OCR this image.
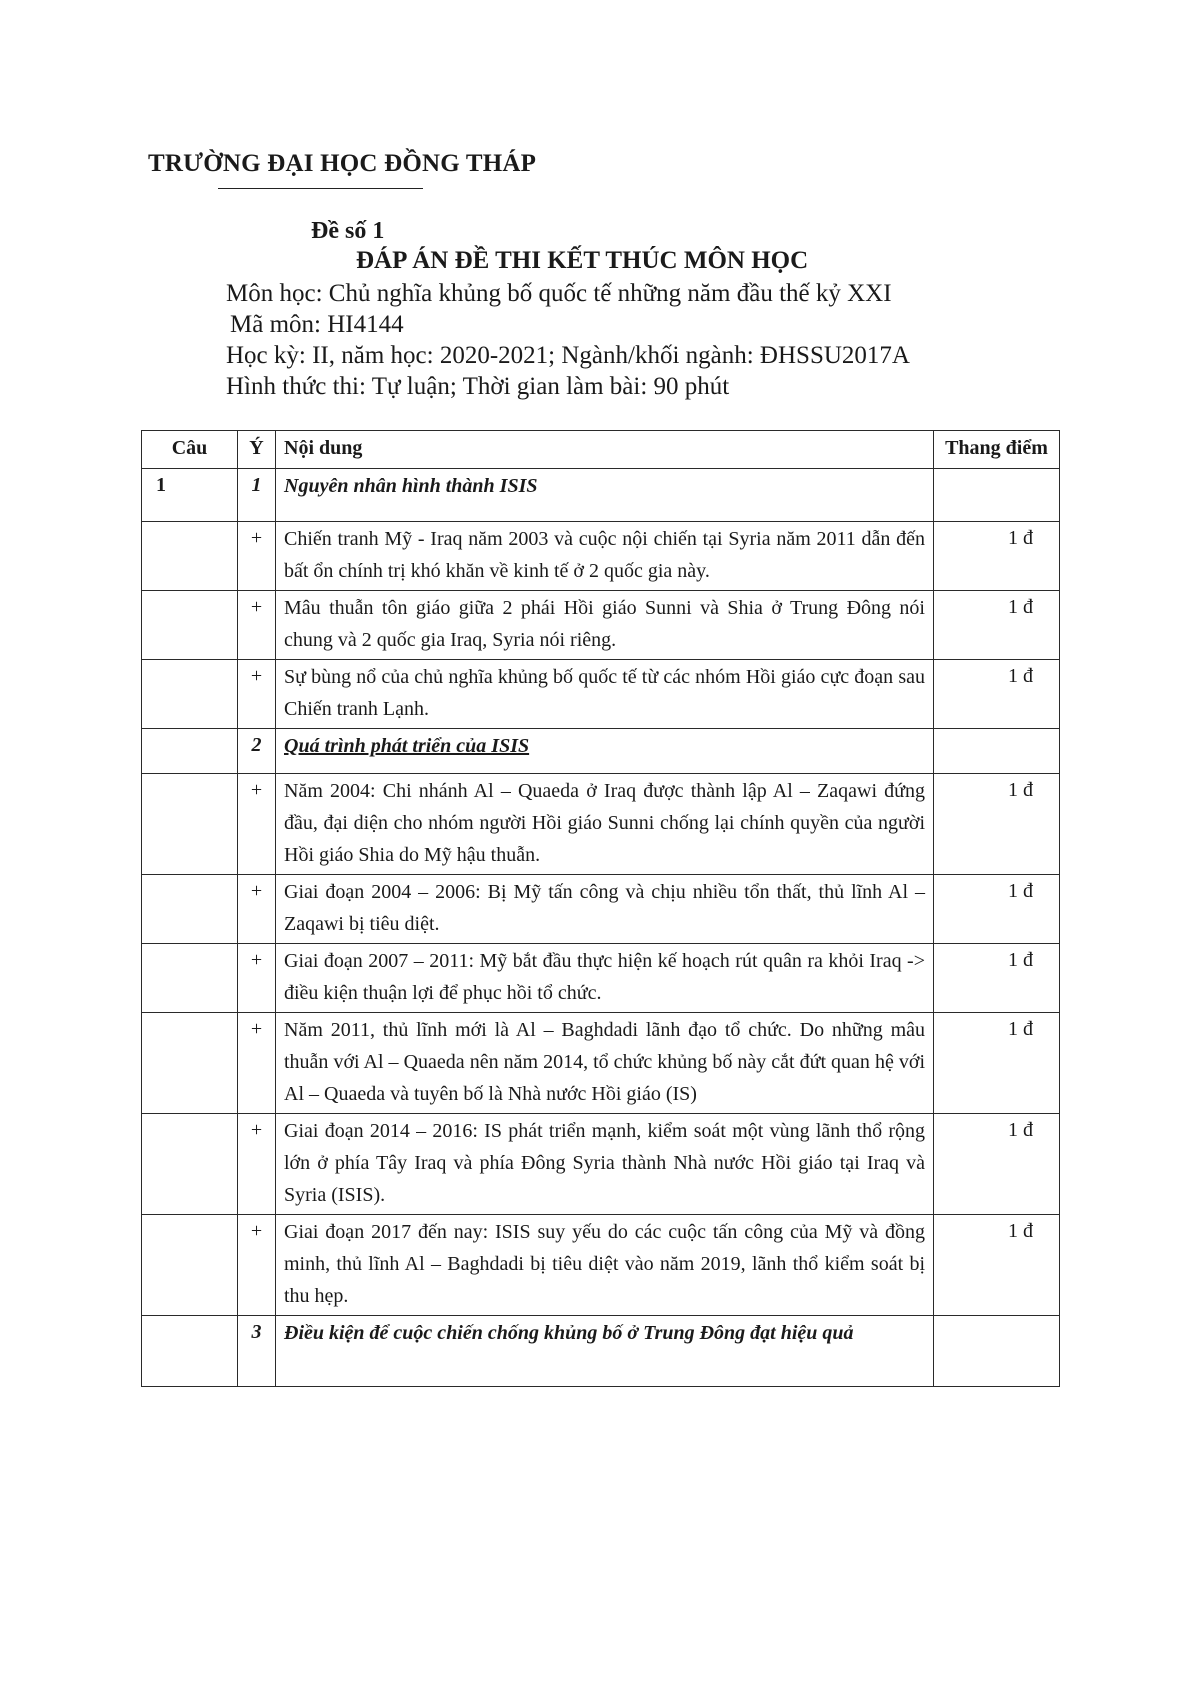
TRƯỜNG ĐẠI HỌC ĐỒNG THÁP
Đề số 1
ĐÁP ÁN ĐỀ THI KẾT THÚC MÔN HỌC
Môn học: Chủ nghĩa khủng bố quốc tế những năm đầu thế kỷ XXI
Mã môn: HI4144
Học kỳ: II, năm học: 2020-2021; Ngành/khối ngành: ĐHSSU2017A
Hình thức thi: Tự luận; Thời gian làm bài: 90 phút
Câu	Ý	Nội dung	Thang điểm
1	1	Nguyên nhân hình thành ISIS	
	+	Chiến tranh Mỹ - Iraq năm 2003 và cuộc nội chiến tại Syria năm 2011 dẫn đến bất ổn chính trị khó khăn về kinh tế ở 2 quốc gia này.	1 đ
	+	Mâu thuẫn tôn giáo giữa 2 phái Hồi giáo Sunni và Shia ở Trung Đông nói chung và 2 quốc gia Iraq, Syria nói riêng.	1 đ
	+	Sự bùng nổ của chủ nghĩa khủng bố quốc tế từ các nhóm Hồi giáo cực đoạn sau Chiến tranh Lạnh.	1 đ
	2	Quá trình phát triển của ISIS	
	+	Năm 2004: Chi nhánh Al – Quaeda ở Iraq được thành lập Al – Zaqawi đứng đầu, đại diện cho nhóm người Hồi giáo Sunni chống lại chính quyền của người Hồi giáo Shia do Mỹ hậu thuẫn.	1 đ
	+	Giai đoạn 2004 – 2006: Bị Mỹ tấn công và chịu nhiều tổn thất, thủ lĩnh Al – Zaqawi bị tiêu diệt.	1 đ
	+	Giai đoạn 2007 – 2011: Mỹ bắt đầu thực hiện kế hoạch rút quân ra khỏi Iraq -> điều kiện thuận lợi để phục hồi tổ chức.	1 đ
	+	Năm 2011, thủ lĩnh mới là Al – Baghdadi lãnh đạo tổ chức. Do những mâu thuẫn với Al – Quaeda nên năm 2014, tổ chức khủng bố này cắt đứt quan hệ với Al – Quaeda và tuyên bố là Nhà nước Hồi giáo (IS)	1 đ
	+	Giai đoạn 2014 – 2016: IS phát triển mạnh, kiểm soát một vùng lãnh thổ rộng lớn ở phía Tây Iraq và phía Đông Syria thành Nhà nước Hồi giáo tại Iraq và Syria (ISIS).	1 đ
	+	Giai đoạn 2017 đến nay: ISIS suy yếu do các cuộc tấn công của Mỹ và đồng minh, thủ lĩnh Al – Baghdadi bị tiêu diệt vào năm 2019, lãnh thổ kiểm soát bị thu hẹp.	1 đ
	3	Điều kiện để cuộc chiến chống khủng bố ở Trung Đông đạt hiệu quả	
